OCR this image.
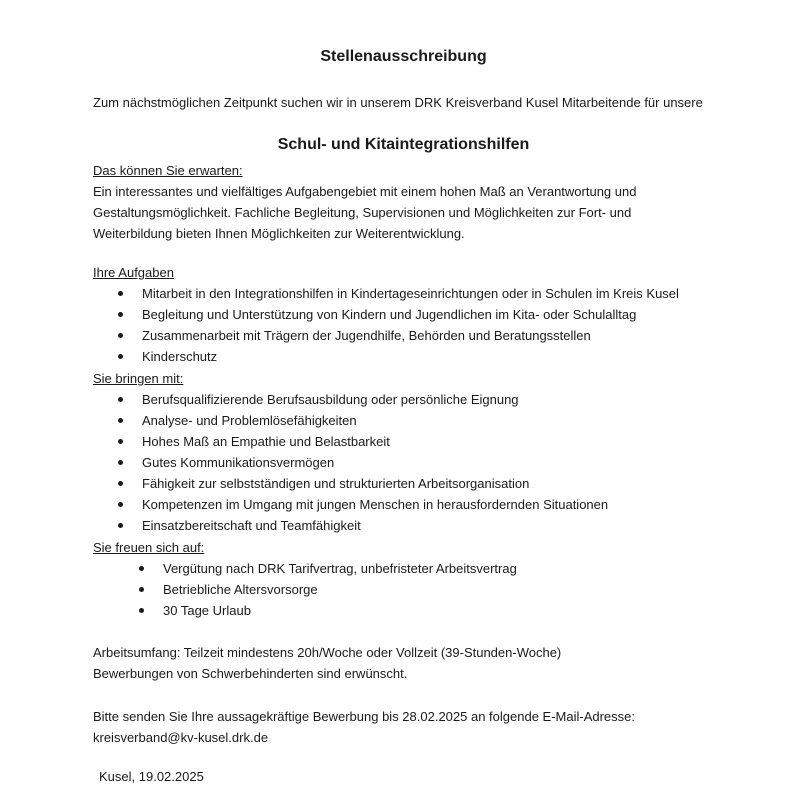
Stellenausschreibung
Zum nächstmöglichen Zeitpunkt suchen wir in unserem DRK Kreisverband Kusel Mitarbeitende für unsere
Schul- und Kitaintegrationshilfen
Das können Sie erwarten:
Ein interessantes und vielfältiges Aufgabengebiet mit einem hohen Maß an Verantwortung und Gestaltungsmöglichkeit. Fachliche Begleitung, Supervisionen und Möglichkeiten zur Fort- und Weiterbildung bieten Ihnen Möglichkeiten zur Weiterentwicklung.
Ihre Aufgaben
Mitarbeit in den Integrationshilfen in Kindertageseinrichtungen oder in Schulen im Kreis Kusel
Begleitung und Unterstützung von Kindern und Jugendlichen im Kita- oder Schulalltag
Zusammenarbeit mit Trägern der Jugendhilfe, Behörden und Beratungsstellen
Kinderschutz
Sie bringen mit:
Berufsqualifizierende Berufsausbildung oder persönliche Eignung
Analyse- und Problemlösefähigkeiten
Hohes Maß an Empathie und Belastbarkeit
Gutes Kommunikationsvermögen
Fähigkeit zur selbstständigen und strukturierten Arbeitsorganisation
Kompetenzen im Umgang mit jungen Menschen in herausfordernden Situationen
Einsatzbereitschaft und Teamfähigkeit
Sie freuen sich auf:
Vergütung nach DRK Tarifvertrag, unbefristeter Arbeitsvertrag
Betriebliche Altersvorsorge
30 Tage Urlaub
Arbeitsumfang: Teilzeit mindestens 20h/Woche oder Vollzeit (39-Stunden-Woche)
Bewerbungen von Schwerbehinderten sind erwünscht.
Bitte senden Sie Ihre aussagekräftige Bewerbung bis 28.02.2025 an folgende E-Mail-Adresse:
kreisverband@kv-kusel.drk.de
Kusel, 19.02.2025
